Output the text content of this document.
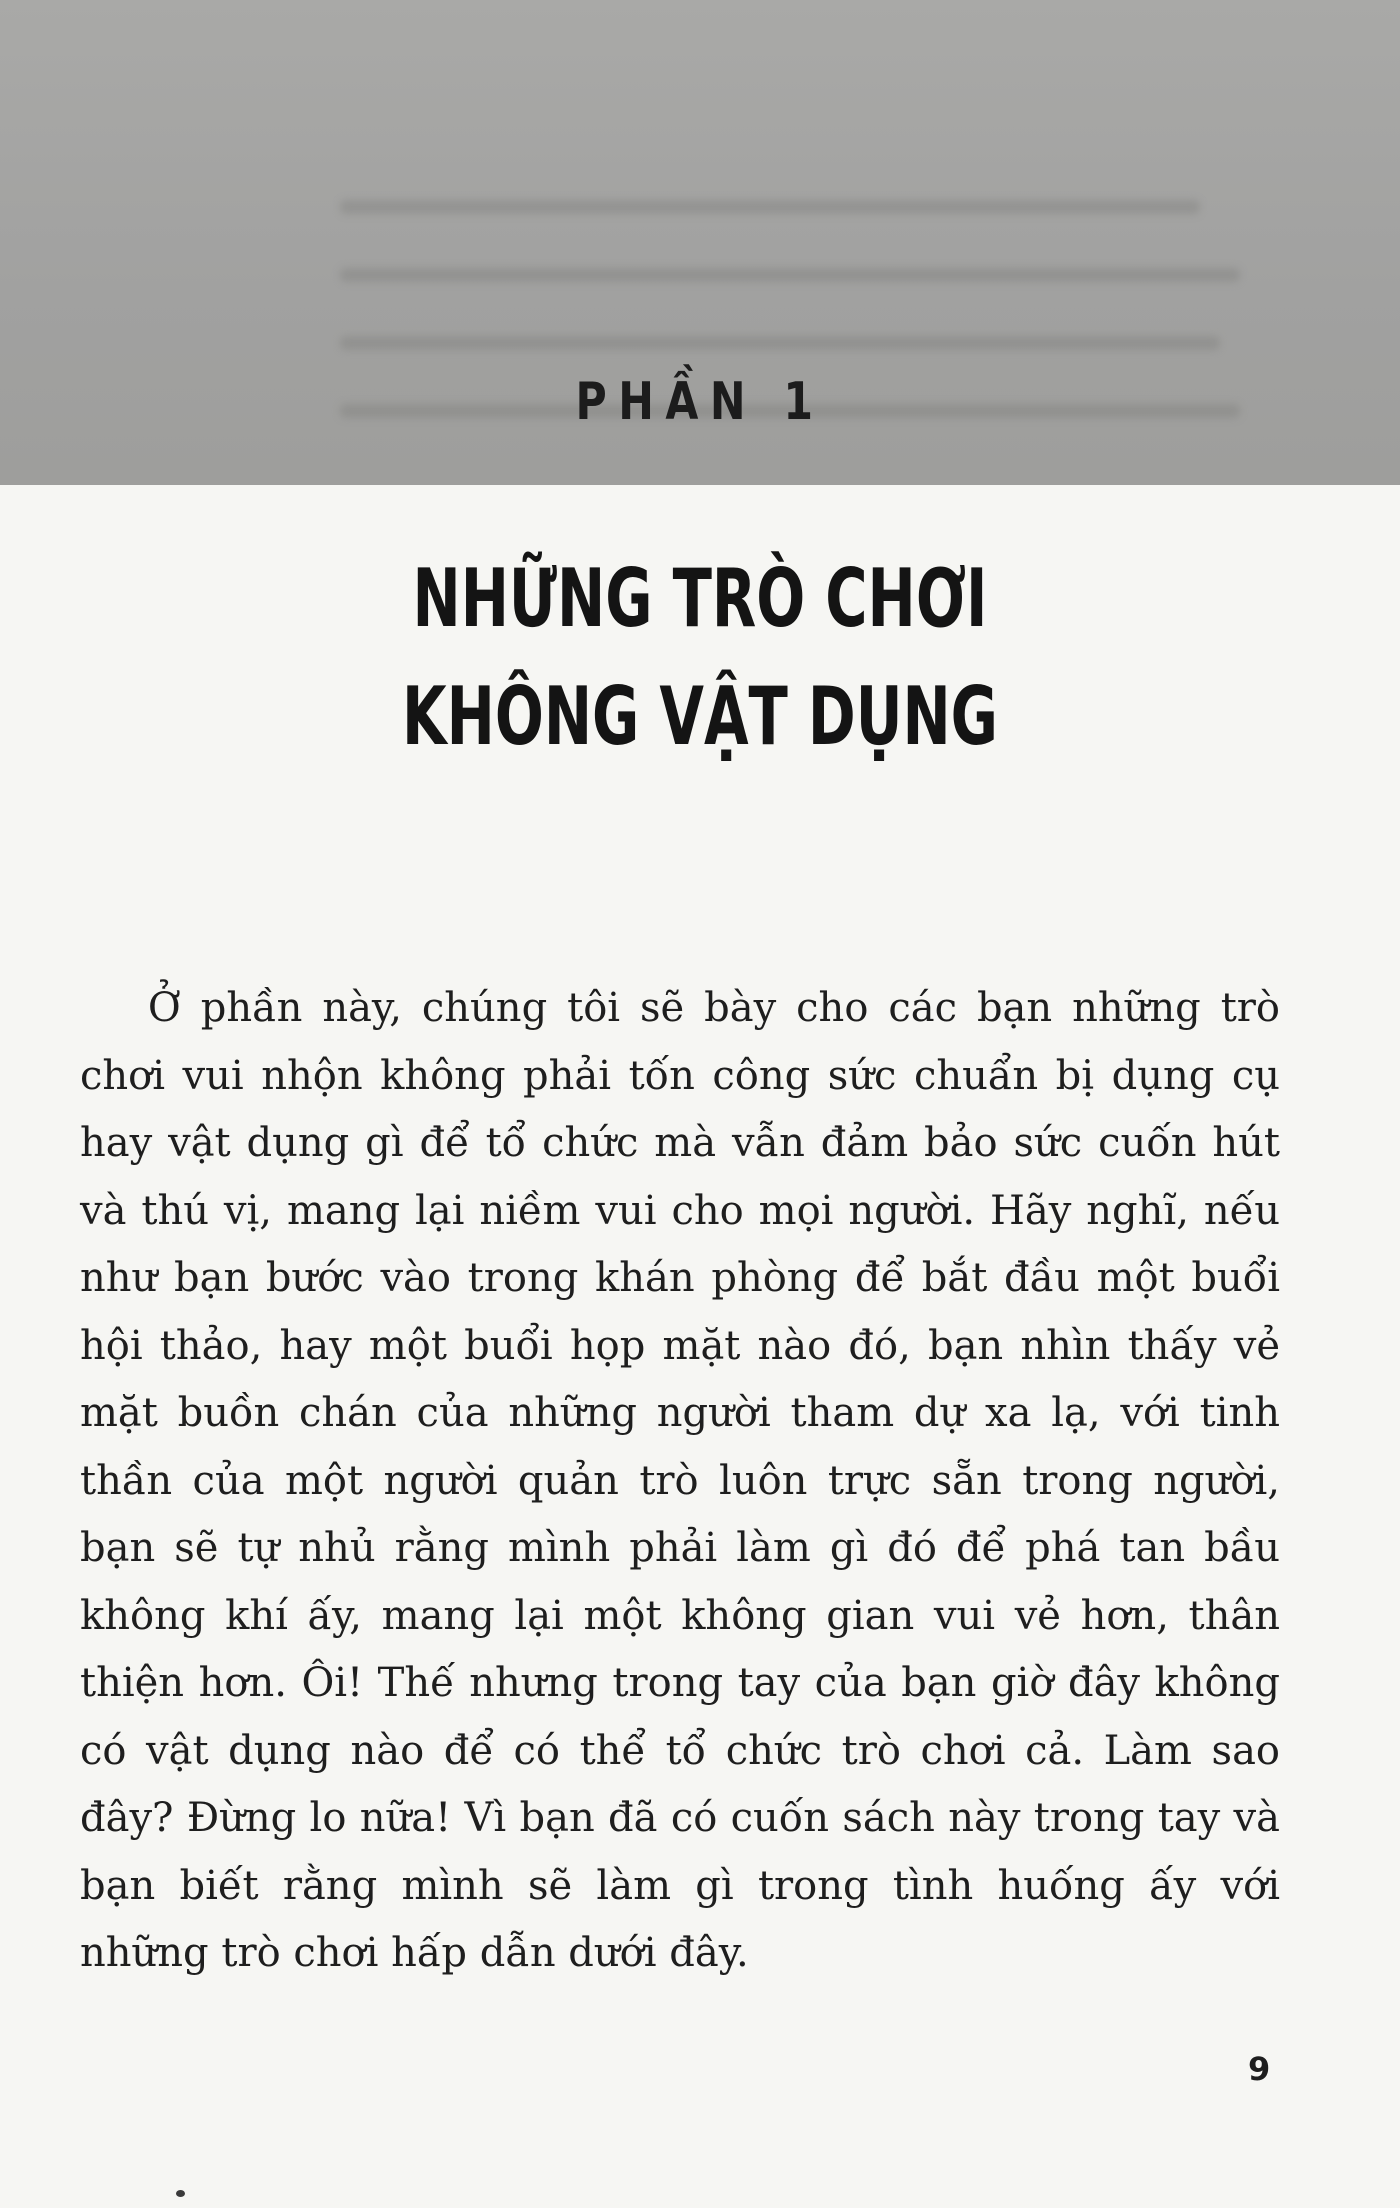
PHẦN 1
NHỮNG TRÒ CHƠI
KHÔNG VẬT DỤNG

Ở phần này, chúng tôi sẽ bày cho các bạn những trò chơi vui nhộn không phải tốn công sức chuẩn bị dụng cụ hay vật dụng gì để tổ chức mà vẫn đảm bảo sức cuốn hút và thú vị, mang lại niềm vui cho mọi người. Hãy nghĩ, nếu như bạn bước vào trong khán phòng để bắt đầu một buổi hội thảo, hay một buổi họp mặt nào đó, bạn nhìn thấy vẻ mặt buồn chán của những người tham dự xa lạ, với tinh thần của một người quản trò luôn trực sẵn trong người, bạn sẽ tự nhủ rằng mình phải làm gì đó để phá tan bầu không khí ấy, mang lại một không gian vui vẻ hơn, thân thiện hơn. Ôi! Thế nhưng trong tay của bạn giờ đây không có vật dụng nào để có thể tổ chức trò chơi cả. Làm sao đây? Đừng lo nữa! Vì bạn đã có cuốn sách này trong tay và bạn biết rằng mình sẽ làm gì trong tình huống ấy với những trò chơi hấp dẫn dưới đây.

9
